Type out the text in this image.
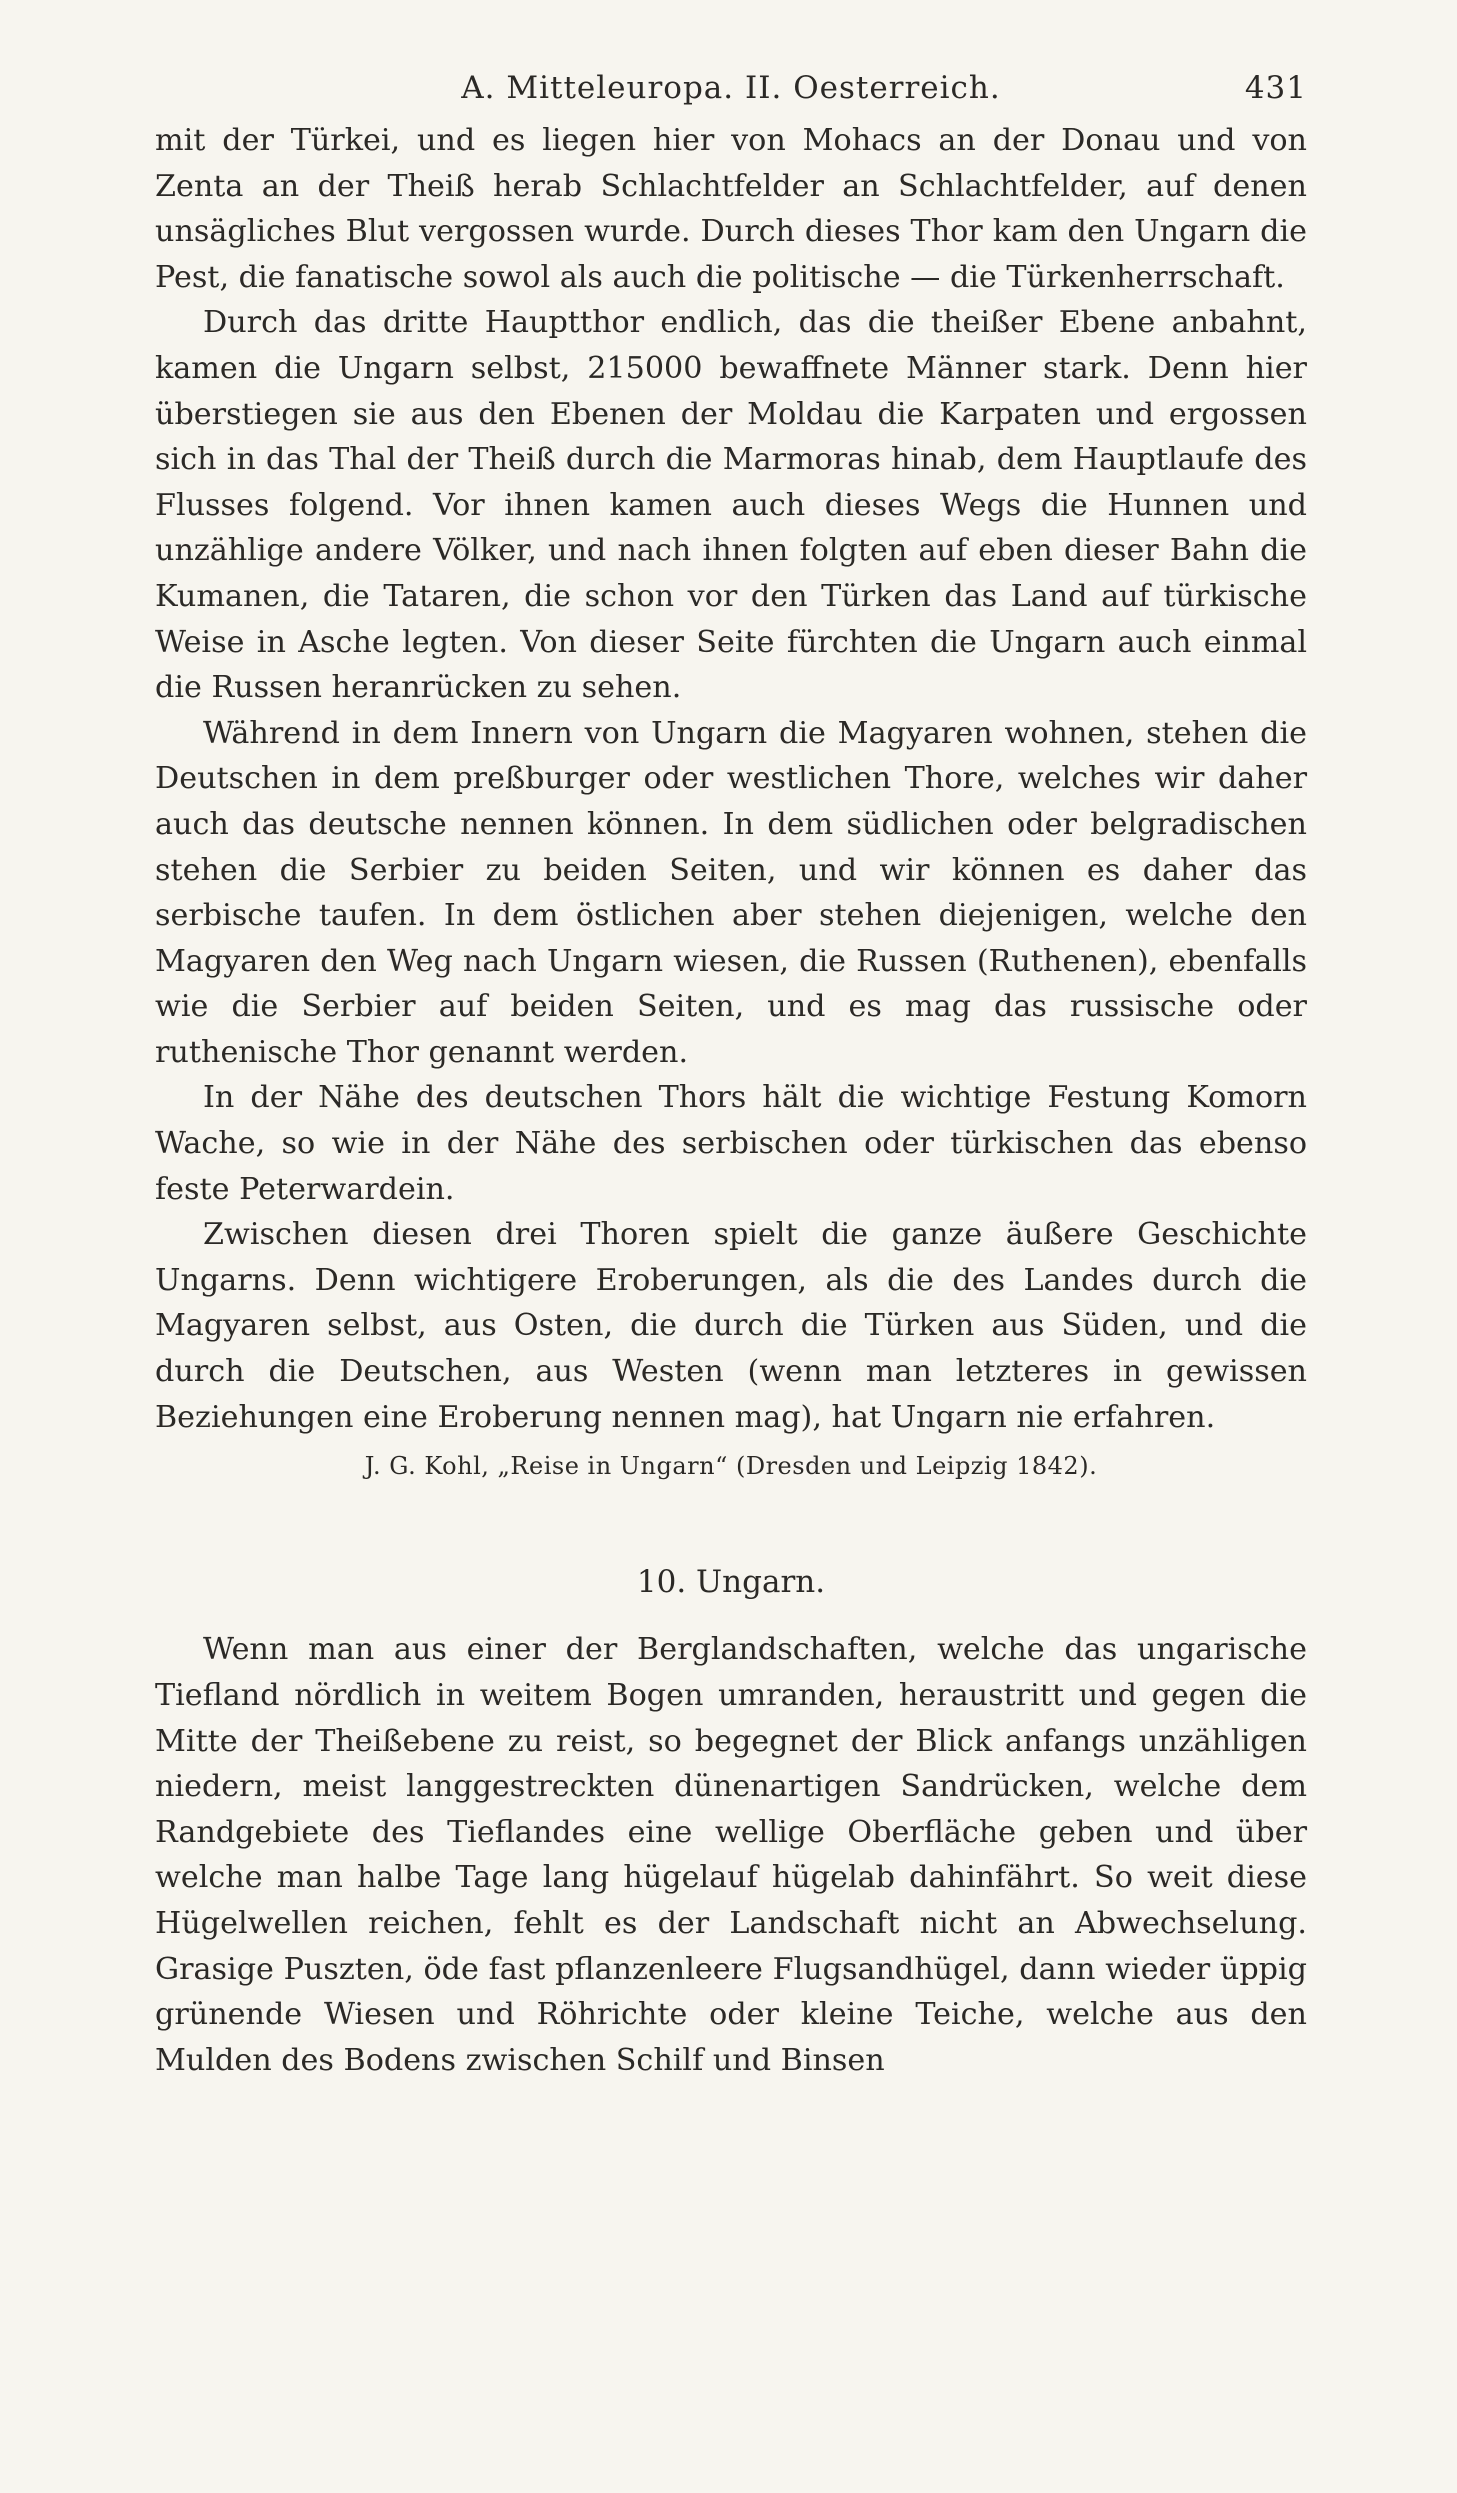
A. Mitteleuropa. II. Oesterreich.	431

mit der Türkei, und es liegen hier von Mohacs an der Donau und von Zenta an der Theiß herab Schlachtfelder an Schlachtfelder, auf denen unsägliches Blut vergossen wurde. Durch dieses Thor kam den Ungarn die Pest, die fanatische sowol als auch die politische — die Türkenherrschaft.

Durch das dritte Hauptthor endlich, das die theißer Ebene anbahnt, kamen die Ungarn selbst, 215000 bewaffnete Männer stark. Denn hier überstiegen sie aus den Ebenen der Moldau die Karpaten und ergossen sich in das Thal der Theiß durch die Marmoras hinab, dem Hauptlaufe des Flusses folgend. Vor ihnen kamen auch dieses Wegs die Hunnen und unzählige andere Völker, und nach ihnen folgten auf eben dieser Bahn die Kumanen, die Tataren, die schon vor den Türken das Land auf türkische Weise in Asche legten. Von dieser Seite fürchten die Ungarn auch einmal die Russen heranrücken zu sehen.

Während in dem Innern von Ungarn die Magyaren wohnen, stehen die Deutschen in dem preßburger oder westlichen Thore, welches wir daher auch das deutsche nennen können. In dem südlichen oder belgradischen stehen die Serbier zu beiden Seiten, und wir können es daher das serbische taufen. In dem östlichen aber stehen diejenigen, welche den Magyaren den Weg nach Ungarn wiesen, die Russen (Ruthenen), ebenfalls wie die Serbier auf beiden Seiten, und es mag das russische oder ruthenische Thor genannt werden.

In der Nähe des deutschen Thors hält die wichtige Festung Komorn Wache, so wie in der Nähe des serbischen oder türkischen das ebenso feste Peterwardein.

Zwischen diesen drei Thoren spielt die ganze äußere Geschichte Ungarns. Denn wichtigere Eroberungen, als die des Landes durch die Magyaren selbst, aus Osten, die durch die Türken aus Süden, und die durch die Deutschen, aus Westen (wenn man letzteres in gewissen Beziehungen eine Eroberung nennen mag), hat Ungarn nie erfahren.

J. G. Kohl, „Reise in Ungarn“ (Dresden und Leipzig 1842).
10. Ungarn.

Wenn man aus einer der Berglandschaften, welche das ungarische Tiefland nördlich in weitem Bogen umranden, heraustritt und gegen die Mitte der Theißebene zu reist, so begegnet der Blick anfangs unzähligen niedern, meist langgestreckten dünenartigen Sandrücken, welche dem Randgebiete des Tieflandes eine wellige Oberfläche geben und über welche man halbe Tage lang hügelauf hügelab dahinfährt. So weit diese Hügelwellen reichen, fehlt es der Landschaft nicht an Abwechselung. Grasige Puszten, öde fast pflanzenleere Flugsandhügel, dann wieder üppig grünende Wiesen und Röhrichte oder kleine Teiche, welche aus den Mulden des Bodens zwischen Schilf und Binsen
